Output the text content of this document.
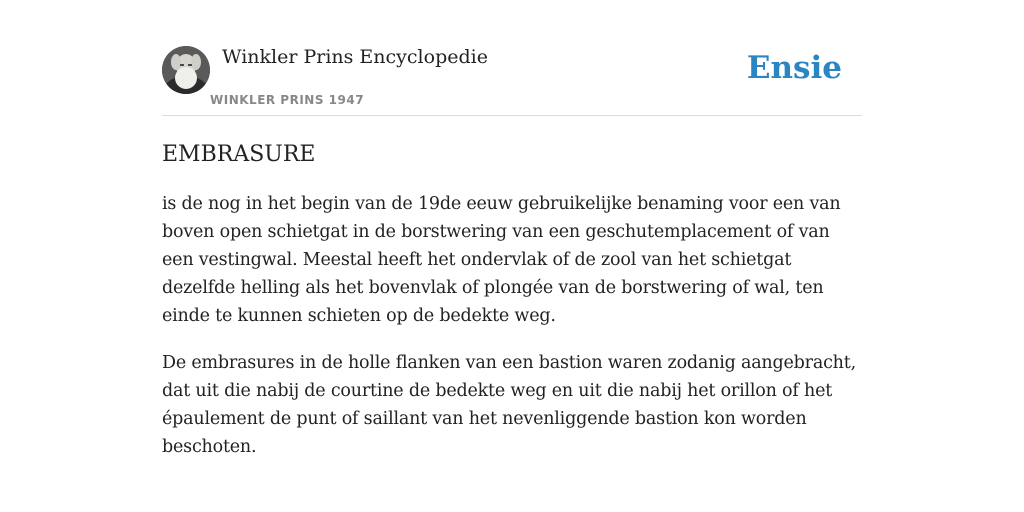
Winkler Prins Encyclopedie
WINKLER PRINS 1947
Ensie
EMBRASURE

is de nog in het begin van de 19de eeuw gebruikelijke benaming voor een van boven open schietgat in de borstwering van een geschutemplacement of van een vestingwal. Meestal heeft het ondervlak of de zool van het schietgat dezelfde helling als het bovenvlak of plongée van de borstwering of wal, ten einde te kunnen schieten op de bedekte weg.

De embrasures in de holle flanken van een bastion waren zodanig aangebracht, dat uit die nabij de courtine de bedekte weg en uit die nabij het orillon of het épaulement de punt of saillant van het nevenliggende bastion kon worden beschoten.
